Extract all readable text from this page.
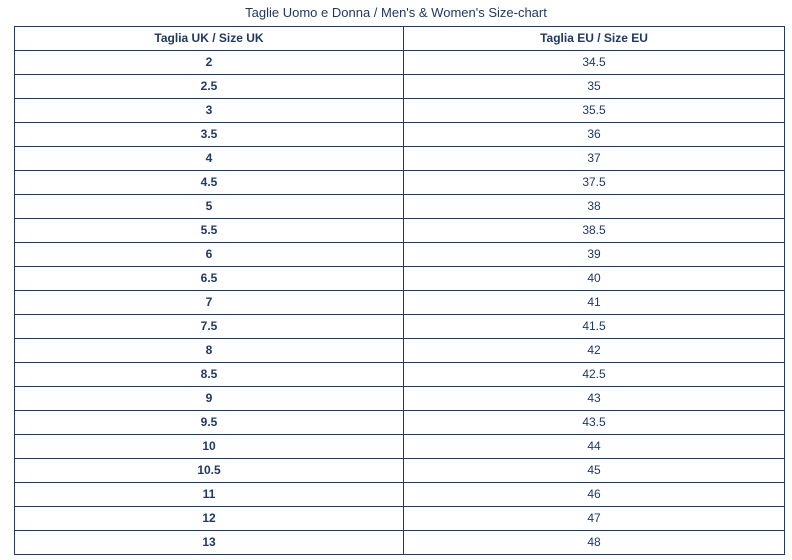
Taglie Uomo e Donna / Men's & Women's Size-chart
Taglia UK / Size UK	Taglia EU / Size EU
2	34.5
2.5	35
3	35.5
3.5	36
4	37
4.5	37.5
5	38
5.5	38.5
6	39
6.5	40
7	41
7.5	41.5
8	42
8.5	42.5
9	43
9.5	43.5
10	44
10.5	45
11	46
12	47
13	48
